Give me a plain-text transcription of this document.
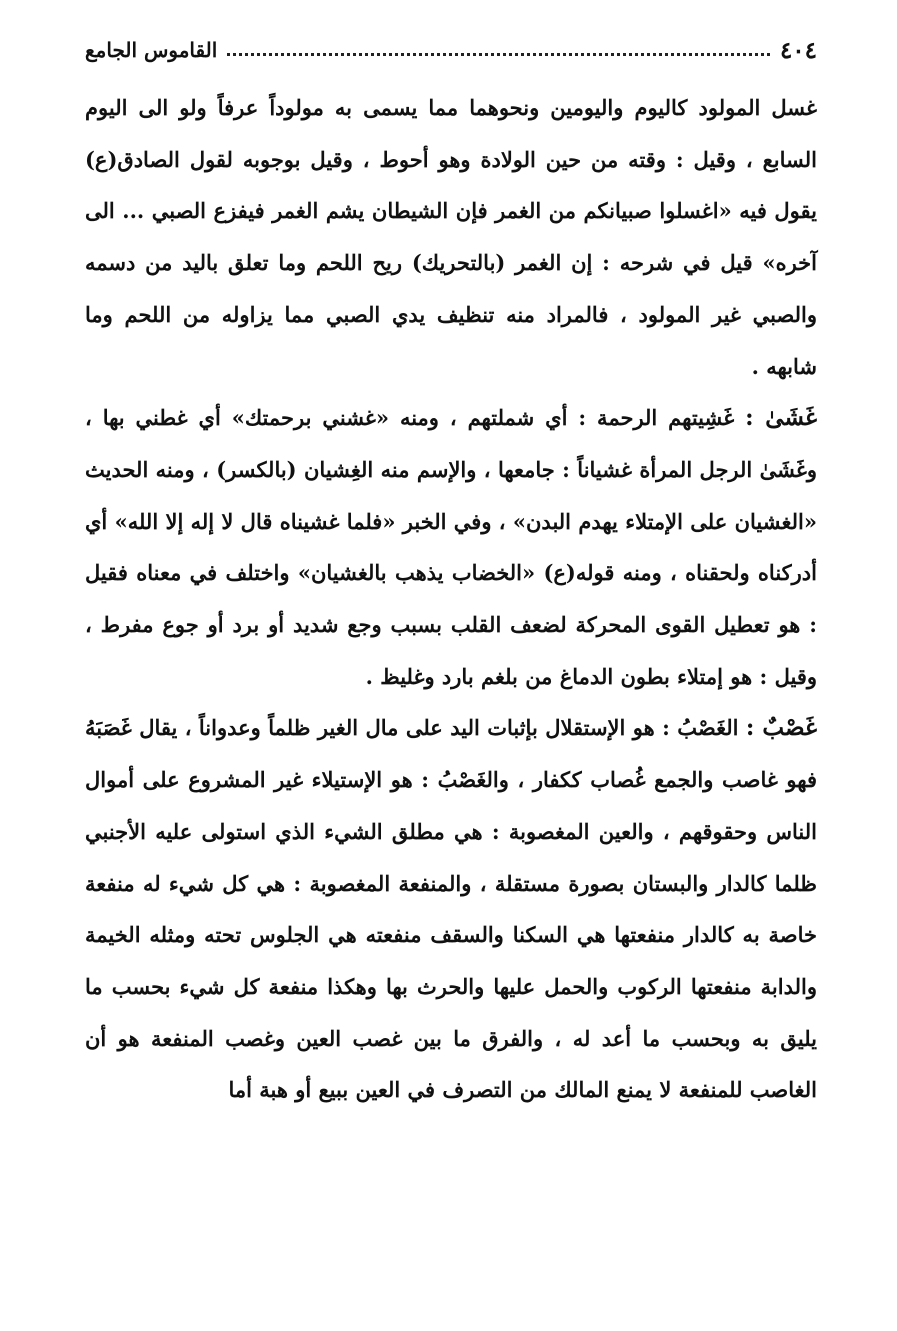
٤٠٤
القاموس الجامع

غسل المولود كاليوم واليومين ونحوهما مما يسمى به مولوداً عرفاً ولو الى اليوم السابع ، وقيل : وقته من حين الولادة وهو أحوط ، وقيل بوجوبه لقول الصادق(ع) يقول فيه «اغسلوا صبيانكم من الغمر فإن الشيطان يشم الغمر فيفزع الصبي ... الى آخره» قيل في شرحه : إن الغمر (بالتحريك) ريح اللحم وما تعلق باليد من دسمه والصبي غير المولود ، فالمراد منه تنظيف يدي الصبي مما يزاوله من اللحم وما شابهه .

غَشَىٰ : غَشِيتهم الرحمة : أي شملتهم ، ومنه «غشني برحمتك» أي غطني بها ، وغَشَىٰ الرجل المرأة غشياناً : جامعها ، والإسم منه الغِشيان (بالكسر) ، ومنه الحديث «الغشيان على الإمتلاء يهدم البدن» ، وفي الخبر «فلما غشيناه قال لا إله إلا الله» أي أدركناه ولحقناه ، ومنه قوله(ع) «الخضاب يذهب بالغشيان» واختلف في معناه فقيل : هو تعطيل القوى المحركة لضعف القلب بسبب وجع شديد أو برد أو جوع مفرط ، وقيل : هو إمتلاء بطون الدماغ من بلغم بارد وغليظ .

غَصْبٌ : الغَصْبُ : هو الإستقلال بإثبات اليد على مال الغير ظلماً وعدواناً ، يقال غَصَبَهُ فهو غاصب والجمع غُصاب ككفار ، والغَصْبُ : هو الإستيلاء غير المشروع على أموال الناس وحقوقهم ، والعين المغصوبة : هي مطلق الشيء الذي استولى عليه الأجنبي ظلما كالدار والبستان بصورة مستقلة ، والمنفعة المغصوبة : هي كل شيء له منفعة خاصة به كالدار منفعتها هي السكنا والسقف منفعته هي الجلوس تحته ومثله الخيمة والدابة منفعتها الركوب والحمل عليها والحرث بها وهكذا منفعة كل شيء بحسب ما يليق به وبحسب ما أعد له ، والفرق ما بين غصب العين وغصب المنفعة هو أن الغاصب للمنفعة لا يمنع المالك من التصرف في العين ببيع أو هبة أما
